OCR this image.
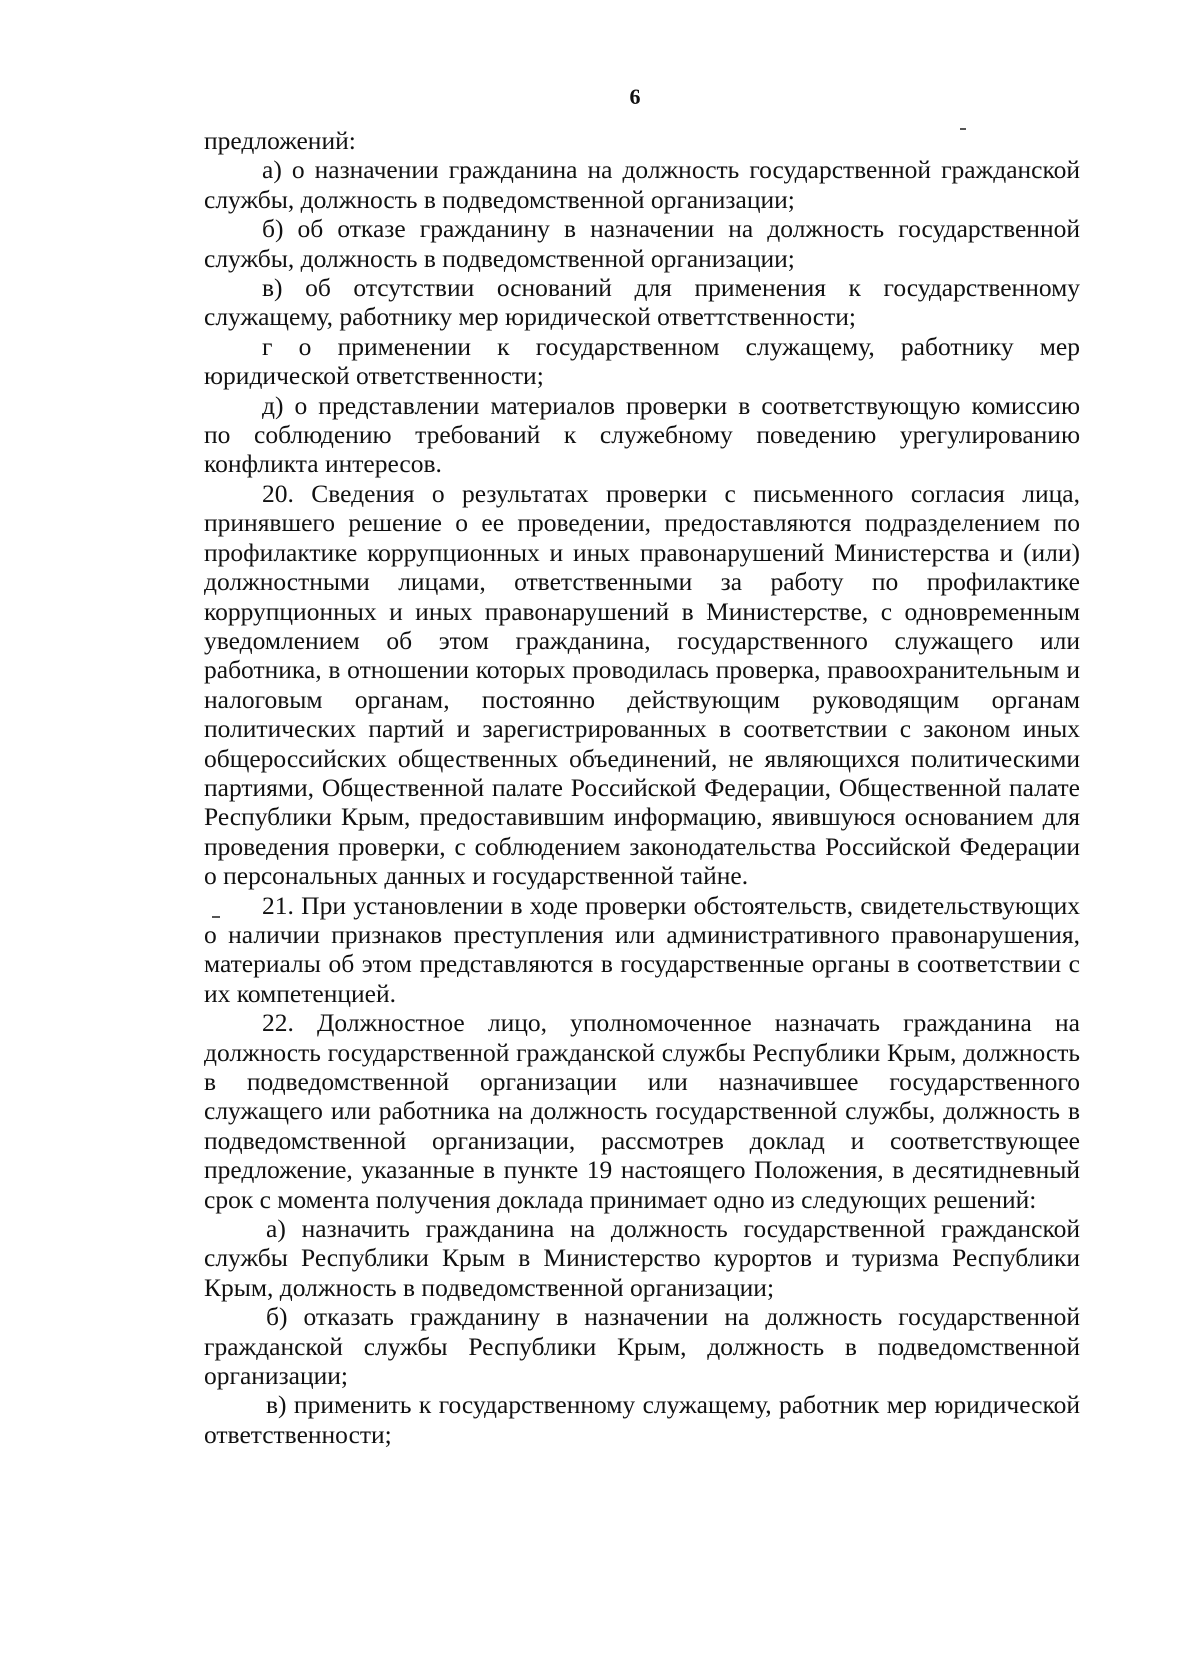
6

предложений:

а) о назначении гражданина на должность государственной гражданской службы, должность в подведомственной организации;

б) об отказе гражданину в назначении на должность государственной службы, должность в подведомственной организации;

в) об отсутствии оснований для применения к государственному служащему, работнику мер юридической ответтственности;

г о применении к государственном служащему, работнику мер юридической ответственности;

д) о представлении материалов проверки в соответствующую комиссию по соблюдению требований к служебному поведению урегулированию конфликта интересов.

20. Сведения о результатах проверки с письменного согласия лица, принявшего решение о ее проведении, предоставляются подразделением по профилактике коррупционных и иных правонарушений Министерства и (или) должностными лицами, ответственными за работу по профилактике коррупционных и иных правонарушений в Министерстве, с одновременным уведомлением об этом гражданина, государственного служащего или работника, в отношении которых проводилась проверка, правоохранительным и налоговым органам, постоянно действующим руководящим органам политических партий и зарегистрированных в соответствии с законом иных общероссийских общественных объединений, не являющихся политическими партиями, Общественной палате Российской Федерации, Общественной палате Республики Крым, предоставившим информацию, явившуюся основанием для проведения проверки, с соблюдением законодательства Российской Федерации о персональных данных и государственной тайне.

21. При установлении в ходе проверки обстоятельств, свидетельствующих о наличии признаков преступления или административного правонарушения, материалы об этом представляются в государственные органы в соответствии с их компетенцией.

22. Должностное лицо, уполномоченное назначать гражданина на должность государственной гражданской службы Республики Крым, должность в подведомственной организации или назначившее государственного служащего или работника на должность государственной службы, должность в подведомственной организации, рассмотрев доклад и соответствующее предложение, указанные в пункте 19 настоящего Положения, в десятидневный срок с момента получения доклада принимает одно из следующих решений:

а) назначить гражданина на должность государственной гражданской службы Республики Крым в Министерство курортов и туризма Республики Крым, должность в подведомственной организации;

б) отказать гражданину в назначении на должность государственной гражданской службы Республики Крым, должность в подведомственной организации;

в) применить к государственному служащему, работник мер юридической ответственности;
